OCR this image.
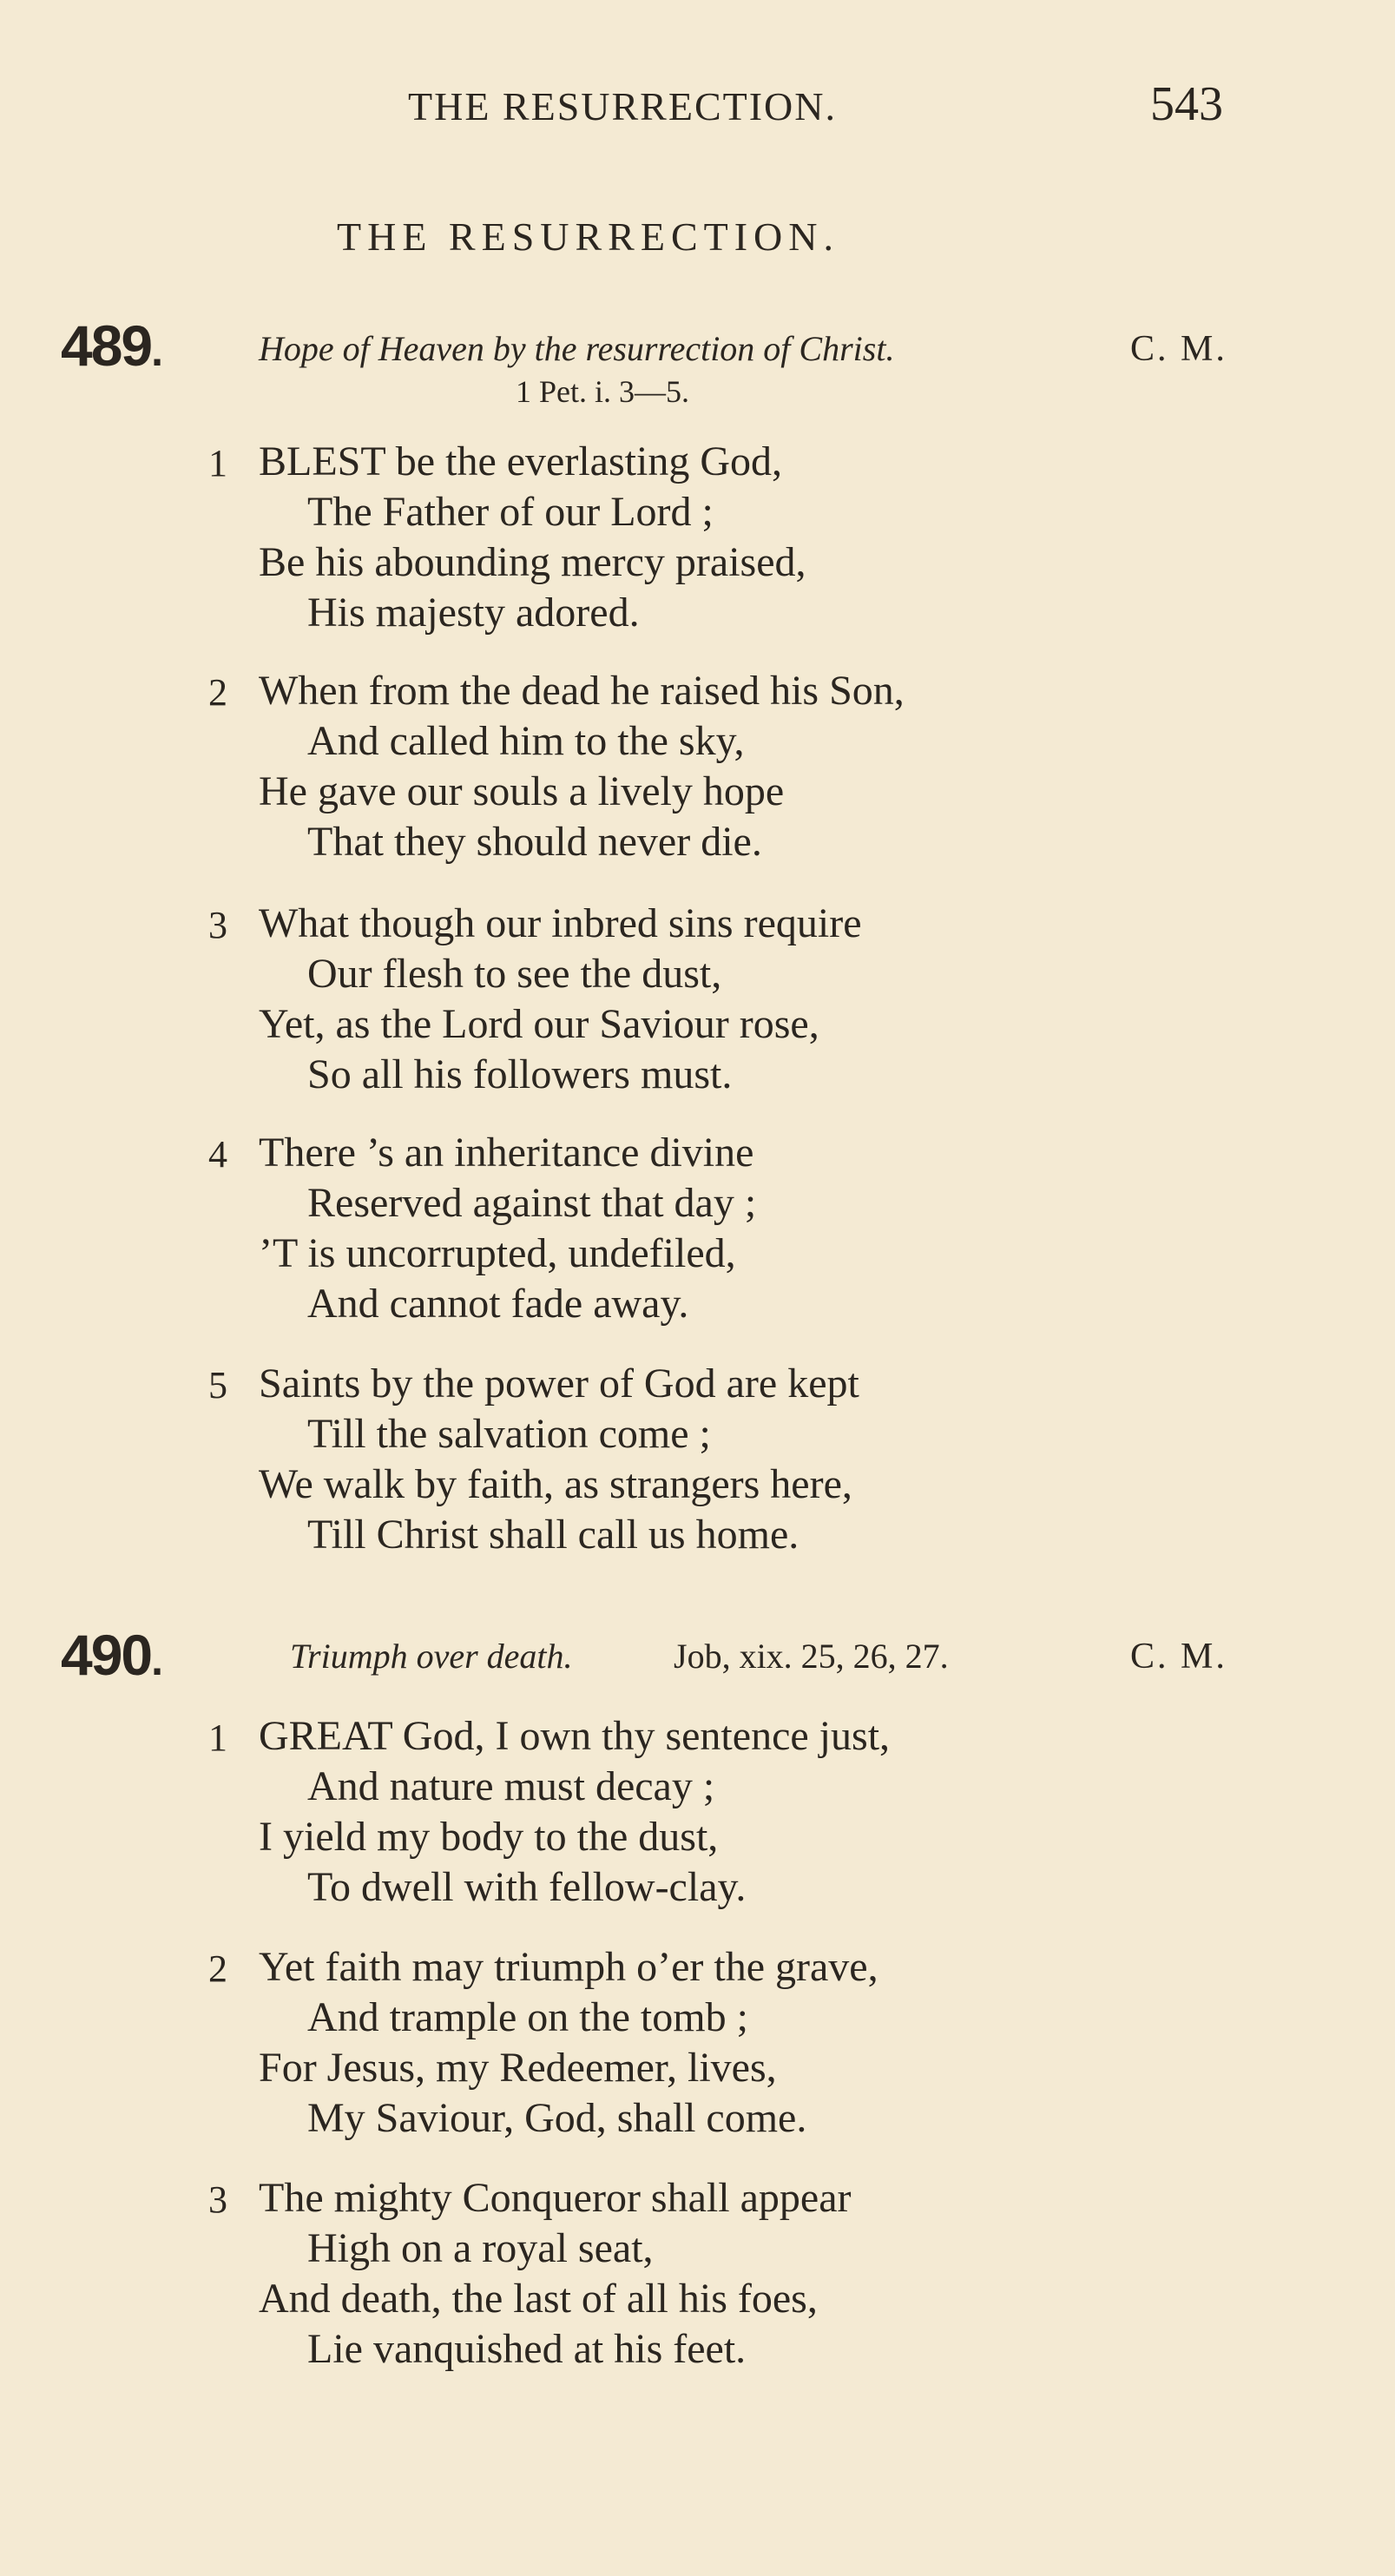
THE RESURRECTION.	543
THE RESURRECTION.
489.	Hope of Heaven by the resurrection of Christ.	C. M.
1 Pet. i. 3—5.
1 BLEST be the everlasting God,
The Father of our Lord ;
Be his abounding mercy praised,
His majesty adored.
2 When from the dead he raised his Son,
And called him to the sky,
He gave our souls a lively hope
That they should never die.
3 What though our inbred sins require
Our flesh to see the dust,
Yet, as the Lord our Saviour rose,
So all his followers must.
4 There ’s an inheritance divine
Reserved against that day ;
’T is uncorrupted, undefiled,
And cannot fade away.
5 Saints by the power of God are kept
Till the salvation come ;
We walk by faith, as strangers here,
Till Christ shall call us home.
490.	Triumph over death.	Job, xix. 25, 26, 27.	C. M.
1 GREAT God, I own thy sentence just,
And nature must decay ;
I yield my body to the dust,
To dwell with fellow-clay.
2 Yet faith may triumph o’er the grave,
And trample on the tomb ;
For Jesus, my Redeemer, lives,
My Saviour, God, shall come.
3 The mighty Conqueror shall appear
High on a royal seat,
And death, the last of all his foes,
Lie vanquished at his feet.
